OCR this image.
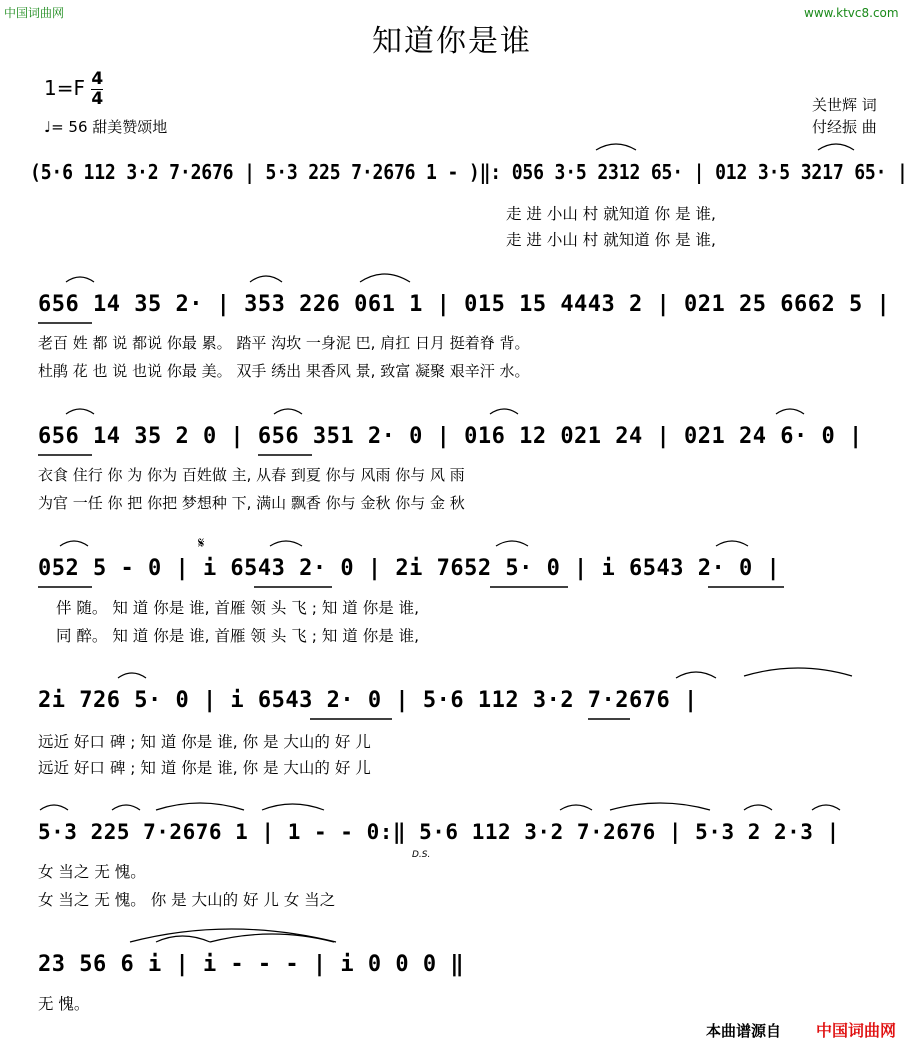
中国词曲网	www.ktvc8.com
知道你是谁
$1=F \frac{4}{4}$
♩= 56 甜美赞颂地
关世辉 词
付经振 曲
(5·6 112 3·2 7·2676 | 5·3 225 7·2676 1 - )‖: 056 3·5 2312 65· | 012 3·5 3217 65· |
走 进 小山 村 就知道 你 是 谁,
走 进 小山 村 就知道 你 是 谁,
656 14 35 2· | 353 226 061 1 | 015 15 4443 2 | 021 25 6662 5 |
老百 姓 都 说 都说 你最 累。 踏平 沟坎 一身泥 巴, 肩扛 日月 挺着脊 背。
杜鹃 花 也 说 也说 你最 美。 双手 绣出 果香风 景, 致富 凝聚 艰辛汗 水。
656 14 35 2 0 | 656 351 2· 0 | 016 12 021 24 | 021 24 6· 0 |
衣食 住行 你 为 你为 百姓做 主, 从春 到夏 你与 风雨 你与 风 雨
为官 一任 你 把 你把 梦想种 下, 满山 飘香 你与 金秋 你与 金 秋
𝄋
052 5 - 0 | i 6543 2· 0 | 2i 7652 5· 0 | i 6543 2· 0 |
伴 随。 知 道 你是 谁, 首雁 领 头 飞 ; 知 道 你是 谁,
同 醉。 知 道 你是 谁, 首雁 领 头 飞 ; 知 道 你是 谁,
2i 726 5· 0 | i 6543 2· 0 | 5·6 112 3·2 7·2676 |
远近 好口 碑 ; 知 道 你是 谁, 你 是 大山的 好 儿
远近 好口 碑 ; 知 道 你是 谁, 你 是 大山的 好 儿
5·3 225 7·2676 1 | 1 - - 0:‖ 5·6 112 3·2 7·2676 | 5·3 2 2·3 |
D.S.
女 当之 无 愧。
女 当之 无 愧。 你 是 大山的 好 儿 女 当之
23 56 6 i | i - - - | i 0 0 0 ‖
无 愧。
本曲谱源自 中国词曲网
